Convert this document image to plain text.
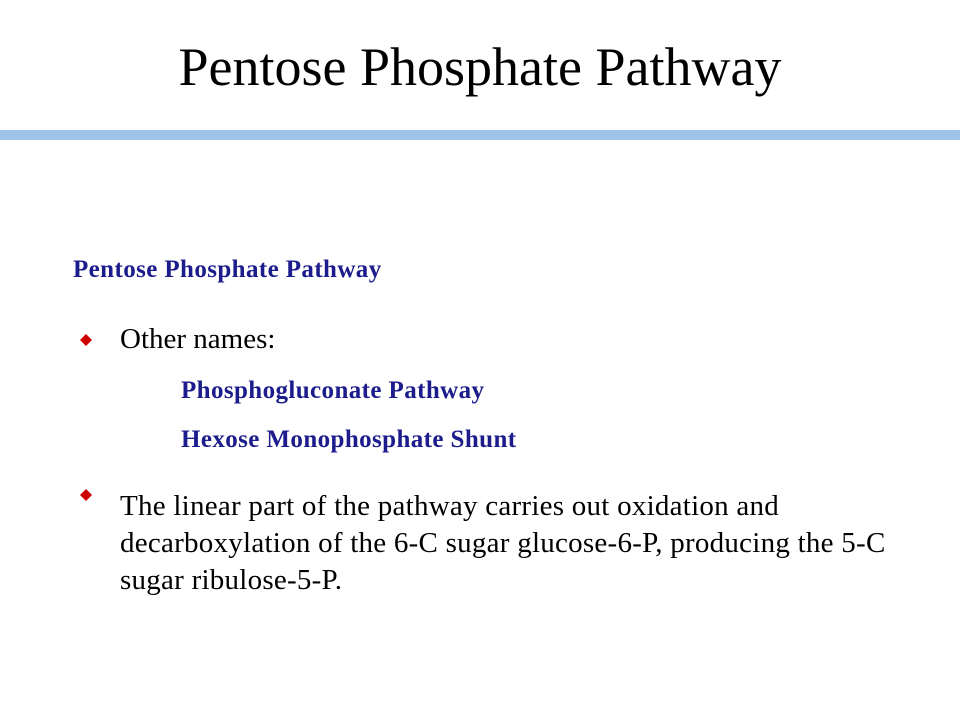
Pentose Phosphate Pathway
Pentose Phosphate Pathway
Other names:
Phosphogluconate Pathway
Hexose Monophosphate Shunt
The linear part of the pathway carries out oxidation and decarboxylation of the 6-C sugar glucose-6-P, producing the 5-C sugar ribulose-5-P.
